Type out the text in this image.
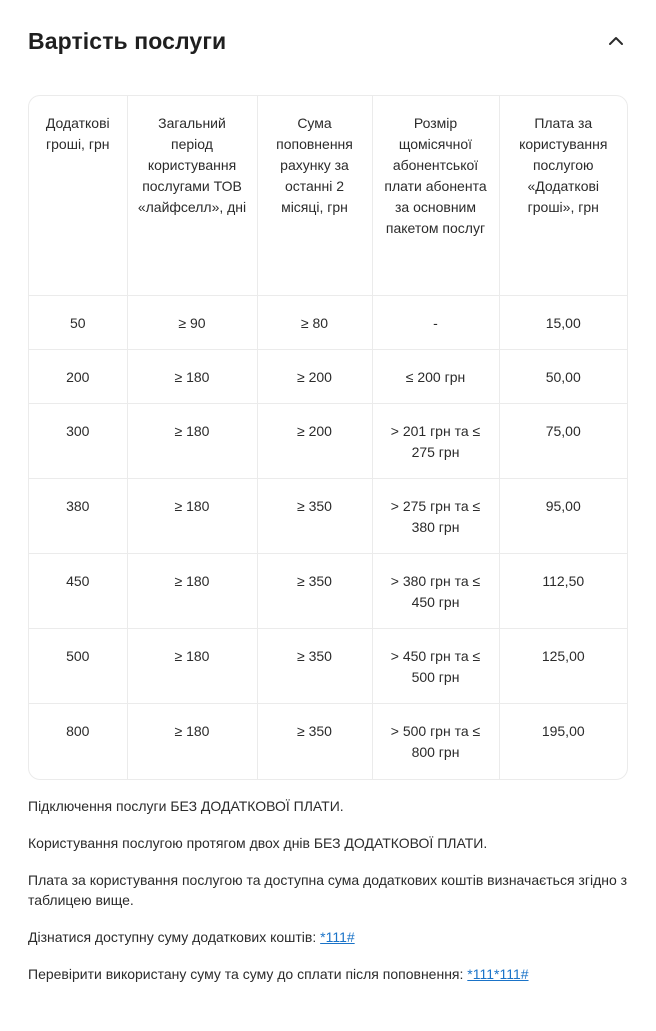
Вартість послуги
Додаткові гроші, грн	Загальний період користування послугами ТОВ «лайфселл», дні	Сума поповнення рахунку за останні 2 місяці, грн	Розмір щомісячної абонентської плати абонента за основним пакетом послуг	Плата за користування послугою «Додаткові гроші», грн
50	≥ 90	≥ 80	-	15,00
200	≥ 180	≥ 200	≤ 200 грн	50,00
300	≥ 180	≥ 200	> 201 грн та ≤ 275 грн	75,00
380	≥ 180	≥ 350	> 275 грн та ≤ 380 грн	95,00
450	≥ 180	≥ 350	> 380 грн та ≤ 450 грн	112,50
500	≥ 180	≥ 350	> 450 грн та ≤ 500 грн	125,00
800	≥ 180	≥ 350	> 500 грн та ≤ 800 грн	195,00

Підключення послуги БЕЗ ДОДАТКОВОЇ ПЛАТИ.

Користування послугою протягом двох днів БЕЗ ДОДАТКОВОЇ ПЛАТИ.

Плата за користування послугою та доступна сума додаткових коштів визначається згідно з таблицею вище.

Дізнатися доступну суму додаткових коштів: *111#

Перевірити використану суму та суму до сплати після поповнення: *111*111#
